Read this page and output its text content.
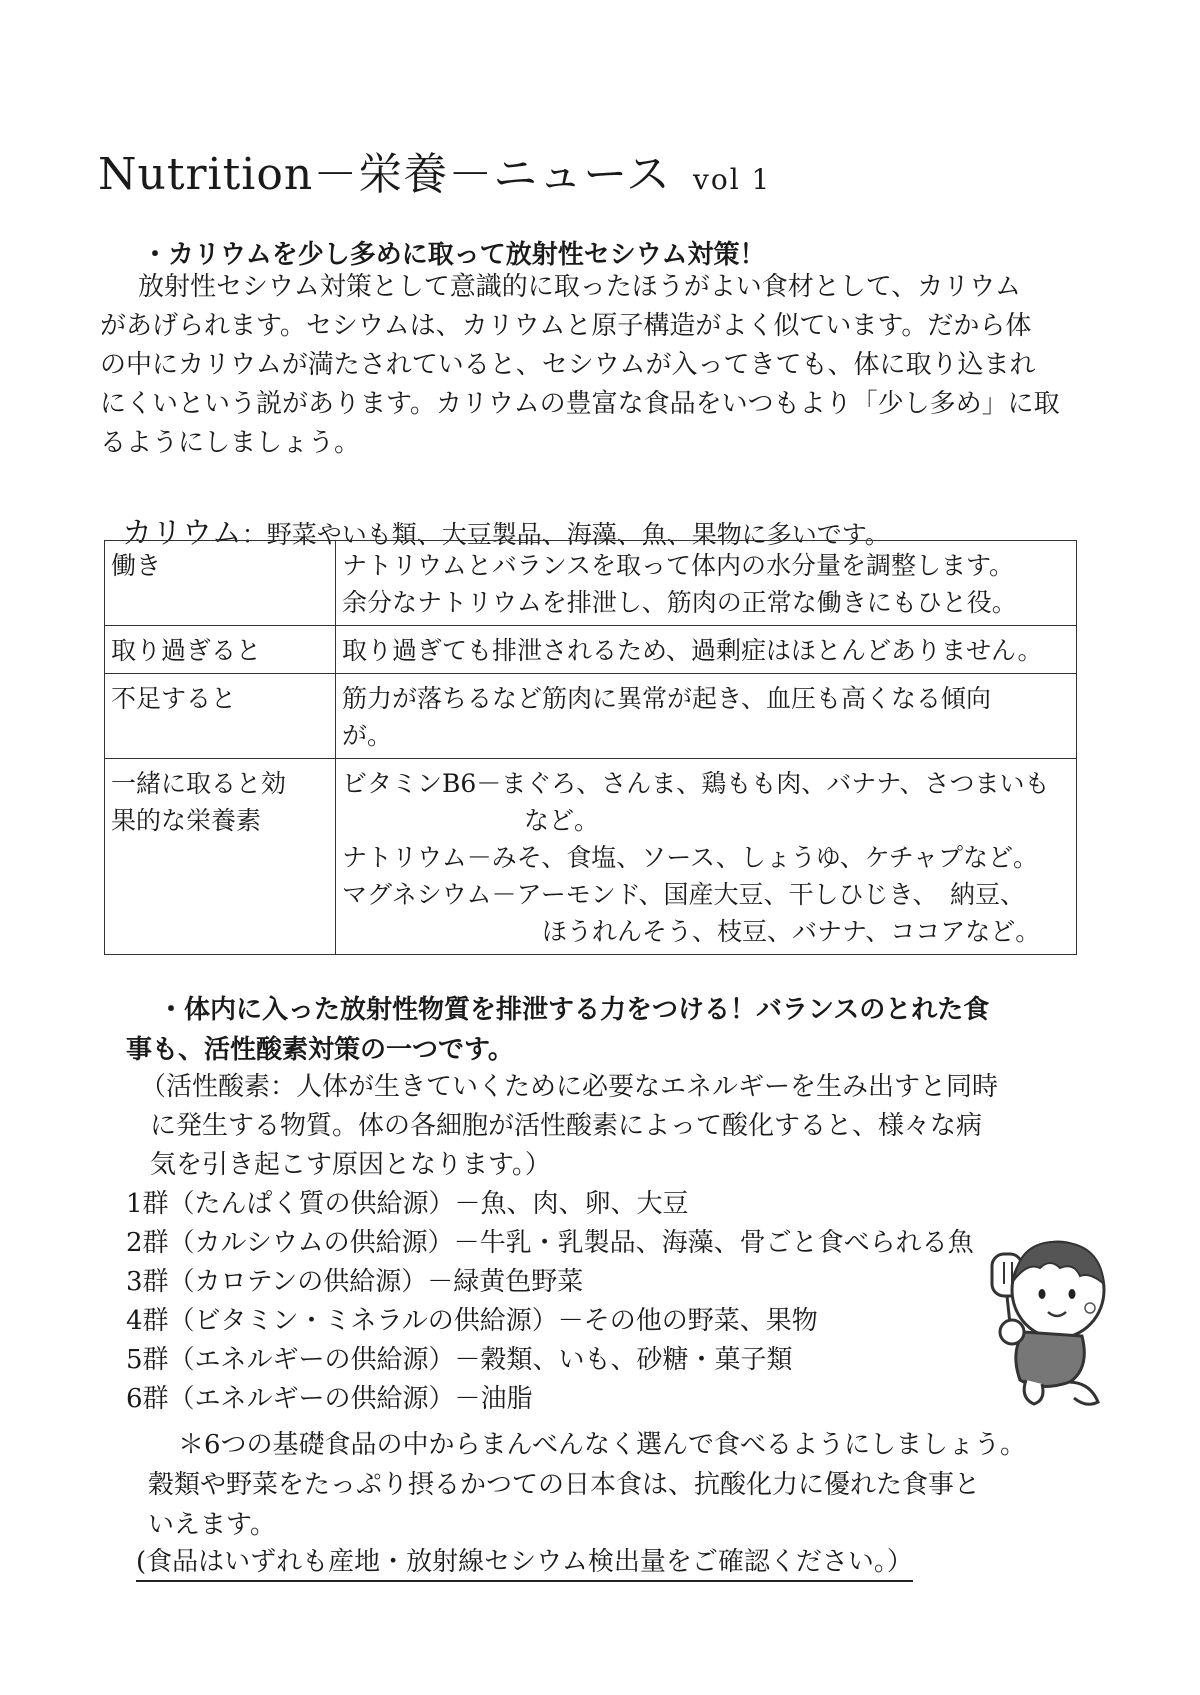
Nutrition－栄養－ニュース vol 1
・カリウムを少し多めに取って放射性セシウム対策！
放射性セシウム対策として意識的に取ったほうがよい食材として、カリウム
があげられます。セシウムは、カリウムと原子構造がよく似ています。だから体
の中にカリウムが満たされていると、セシウムが入ってきても、体に取り込まれ
にくいという説があります。カリウムの豊富な食品をいつもより「少し多め」に取
るようにしましょう。
カリウム：野菜やいも類、大豆製品、海藻、魚、果物に多いです。
働き	ナトリウムとバランスを取って体内の水分量を調整します。
余分なナトリウムを排泄し、筋肉の正常な働きにもひと役。

取り過ぎると	取り過ぎても排泄されるため、過剰症はほとんどありません。

不足すると	筋力が落ちるなど筋肉に異常が起き、血圧も高くなる傾向
が。

一緒に取ると効
果的な栄養素	ビタミンB6－まぐろ、さんま、鶏もも肉、バナナ、さつまいも
など。
ナトリウム－みそ、食塩、ソース、しょうゆ、ケチャプなど。
マグネシウム－アーモンド、国産大豆、干しひじき、　納豆、
ほうれんそう、枝豆、バナナ、ココアなど。
・体内に入った放射性物質を排泄する力をつける！バランスのとれた食
事も、活性酸素対策の一つです。
（活性酸素：人体が生きていくために必要なエネルギーを生み出すと同時
に発生する物質。体の各細胞が活性酸素によって酸化すると、様々な病
気を引き起こす原因となります。）
1群（たんぱく質の供給源）－魚、肉、卵、大豆
2群（カルシウムの供給源）－牛乳・乳製品、海藻、骨ごと食べられる魚
3群（カロテンの供給源）－緑黄色野菜
4群（ビタミン・ミネラルの供給源）－その他の野菜、果物
5群（エネルギーの供給源）－穀類、いも、砂糖・菓子類
6群（エネルギーの供給源）－油脂
＊6つの基礎食品の中からまんべんなく選んで食べるようにしましょう。
穀類や野菜をたっぷり摂るかつての日本食は、抗酸化力に優れた食事と
いえます。
(食品はいずれも産地・放射線セシウム検出量をご確認ください。）
